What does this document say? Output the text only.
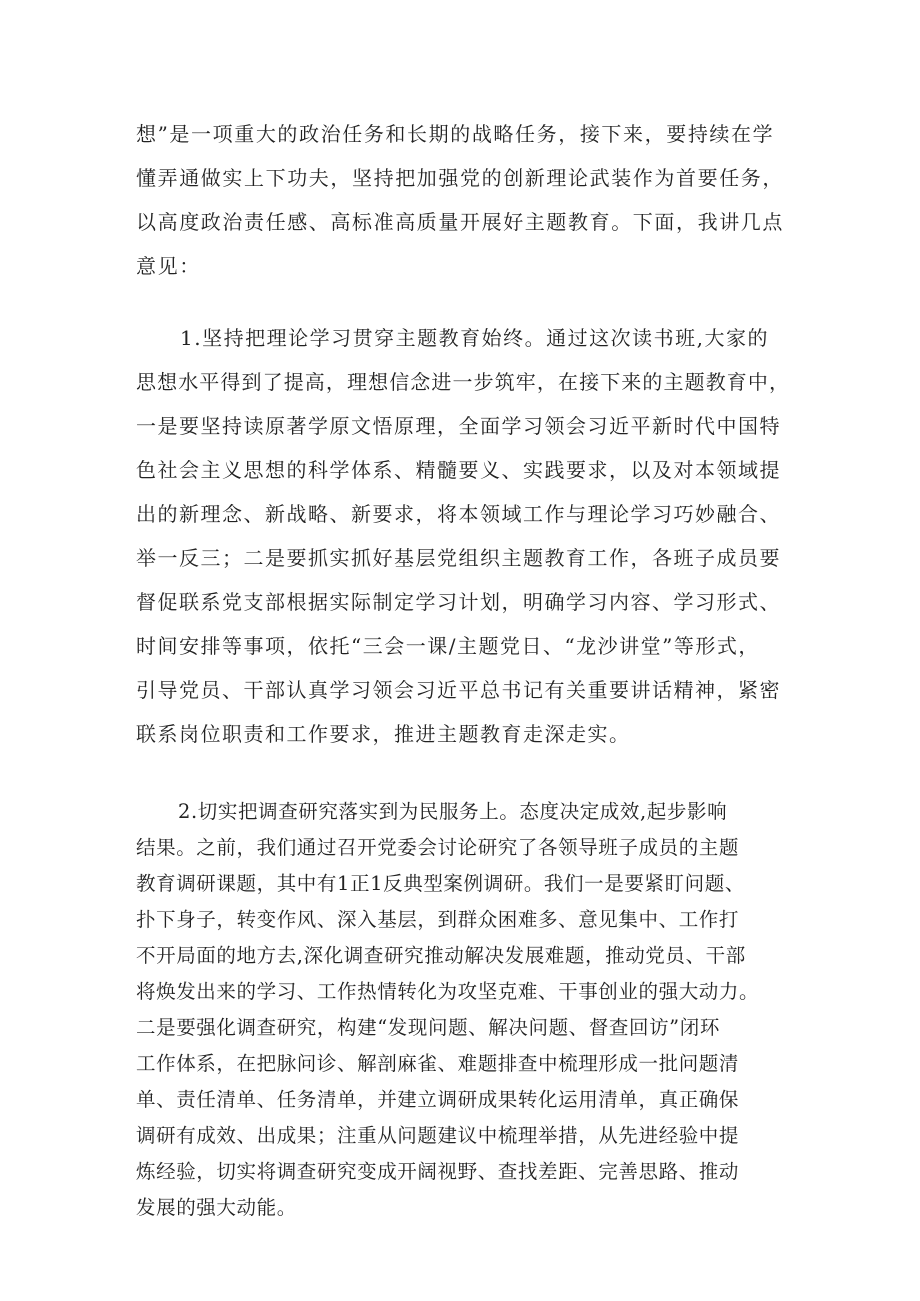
想”是一项重大的政治任务和长期的战略任务，接下来，要持续在学
懂弄通做实上下功夫，坚持把加强党的创新理论武装作为首要任务，
以高度政治责任感、高标准高质量开展好主题教育。下面，我讲几点
意见：
1.坚持把理论学习贯穿主题教育始终。通过这次读书班,大家的
思想水平得到了提高，理想信念进一步筑牢，在接下来的主题教育中，
一是要坚持读原著学原文悟原理，全面学习领会习近平新时代中国特
色社会主义思想的科学体系、精髓要义、实践要求，以及对本领域提
出的新理念、新战略、新要求，将本领域工作与理论学习巧妙融合、
举一反三；二是要抓实抓好基层党组织主题教育工作，各班子成员要
督促联系党支部根据实际制定学习计划，明确学习内容、学习形式、
时间安排等事项，依托“三会一课/主题党日、“龙沙讲堂”等形式，
引导党员、干部认真学习领会习近平总书记有关重要讲话精神，紧密
联系岗位职责和工作要求，推进主题教育走深走实。
2.切实把调查研究落实到为民服务上。态度决定成效,起步影响
结果。之前，我们通过召开党委会讨论研究了各领导班子成员的主题
教育调研课题，其中有1正1反典型案例调研。我们一是要紧盯问题、
扑下身子，转变作风、深入基层，到群众困难多、意见集中、工作打
不开局面的地方去,深化调查研究推动解决发展难题，推动党员、干部
将焕发出来的学习、工作热情转化为攻坚克难、干事创业的强大动力。
二是要强化调查研究，构建“发现问题、解决问题、督查回访”闭环
工作体系，在把脉问诊、解剖麻雀、难题排查中梳理形成一批问题清
单、责任清单、任务清单，并建立调研成果转化运用清单，真正确保
调研有成效、出成果；注重从问题建议中梳理举措，从先进经验中提
炼经验，切实将调查研究变成开阔视野、查找差距、完善思路、推动
发展的强大动能。
